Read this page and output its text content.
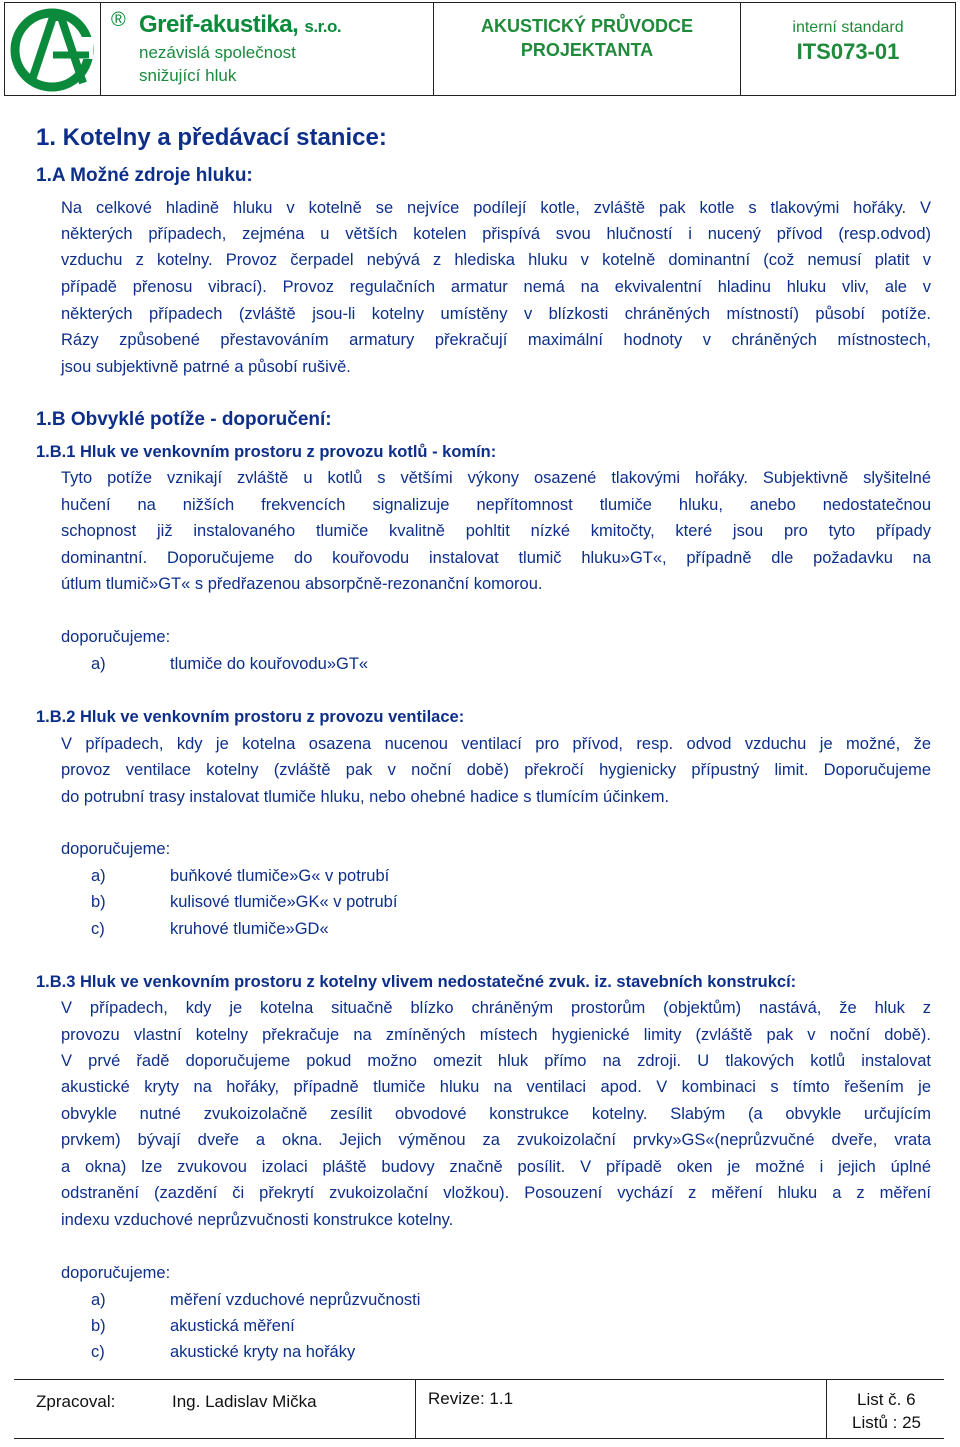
® Greif-akustika, s.r.o.
nezávislá společnost
snižující hluk
AKUSTICKÝ PRŮVODCE
PROJEKTANTA
interní standard
ITS073-01
1. Kotelny a předávací stanice:
1.A Možné zdroje hluku:
Na celkové hladině hluku v kotelně se nejvíce podílejí kotle, zvláště pak kotle s tlakovými hořáky. V
některých případech, zejména u větších kotelen přispívá svou hlučností i nucený přívod (resp.odvod)
vzduchu z kotelny. Provoz čerpadel nebývá z hlediska hluku v kotelně dominantní (což nemusí platit v
případě přenosu vibrací). Provoz regulačních armatur nemá na ekvivalentní hladinu hluku vliv, ale v
některých případech (zvláště jsou-li kotelny umístěny v blízkosti chráněných místností) působí potíže.
Rázy způsobené přestavováním armatury překračují maximální hodnoty v chráněných místnostech,
jsou subjektivně patrné a působí rušivě.
1.B Obvyklé potíže - doporučení:
1.B.1 Hluk ve venkovním prostoru z provozu kotlů - komín:
Tyto potíže vznikají zvláště u kotlů s většími výkony osazené tlakovými hořáky. Subjektivně slyšitelné
hučení na nižších frekvencích signalizuje nepřítomnost tlumiče hluku, anebo nedostatečnou
schopnost již instalovaného tlumiče kvalitně pohltit nízké kmitočty, které jsou pro tyto případy
dominantní. Doporučujeme do kouřovodu instalovat tlumič hluku»GT«, případně dle požadavku na
útlum tlumič»GT« s předřazenou absorpčně-rezonanční komorou.
doporučujeme:
a)	tlumiče do kouřovodu»GT«
1.B.2 Hluk ve venkovním prostoru z provozu ventilace:
V případech, kdy je kotelna osazena nucenou ventilací pro přívod, resp. odvod vzduchu je možné, že
provoz ventilace kotelny (zvláště pak v noční době) překročí hygienicky přípustný limit. Doporučujeme
do potrubní trasy instalovat tlumiče hluku, nebo ohebné hadice s tlumícím účinkem.
doporučujeme:
a)	buňkové tlumiče»G« v potrubí
b)	kulisové tlumiče»GK« v potrubí
c)	kruhové tlumiče»GD«
1.B.3 Hluk ve venkovním prostoru z kotelny vlivem nedostatečné zvuk. iz. stavebních konstrukcí:
V případech, kdy je kotelna situačně blízko chráněným prostorům (objektům) nastává, že hluk z
provozu vlastní kotelny překračuje na zmíněných místech hygienické limity (zvláště pak v noční době).
V prvé řadě doporučujeme pokud možno omezit hluk přímo na zdroji. U tlakových kotlů instalovat
akustické kryty na hořáky, případně tlumiče hluku na ventilaci apod. V kombinaci s tímto řešením je
obvykle nutné zvukoizolačně zesílit obvodové konstrukce kotelny. Slabým (a obvykle určujícím
prvkem) bývají dveře a okna. Jejich výměnou za zvukoizolační prvky»GS«(neprůzvučné dveře, vrata
a okna) lze zvukovou izolaci pláště budovy značně posílit. V případě oken je možné i jejich úplné
odstranění (zazdění či překrytí zvukoizolační vložkou). Posouzení vychází z měření hluku a z měření
indexu vzduchové neprůzvučnosti konstrukce kotelny.
doporučujeme:
a)	měření vzduchové neprůzvučnosti
b)	akustická měření
c)	akustické kryty na hořáky
Zpracoval:	Ing. Ladislav Mička	Revize: 1.1	List č. 6
Listů : 25
